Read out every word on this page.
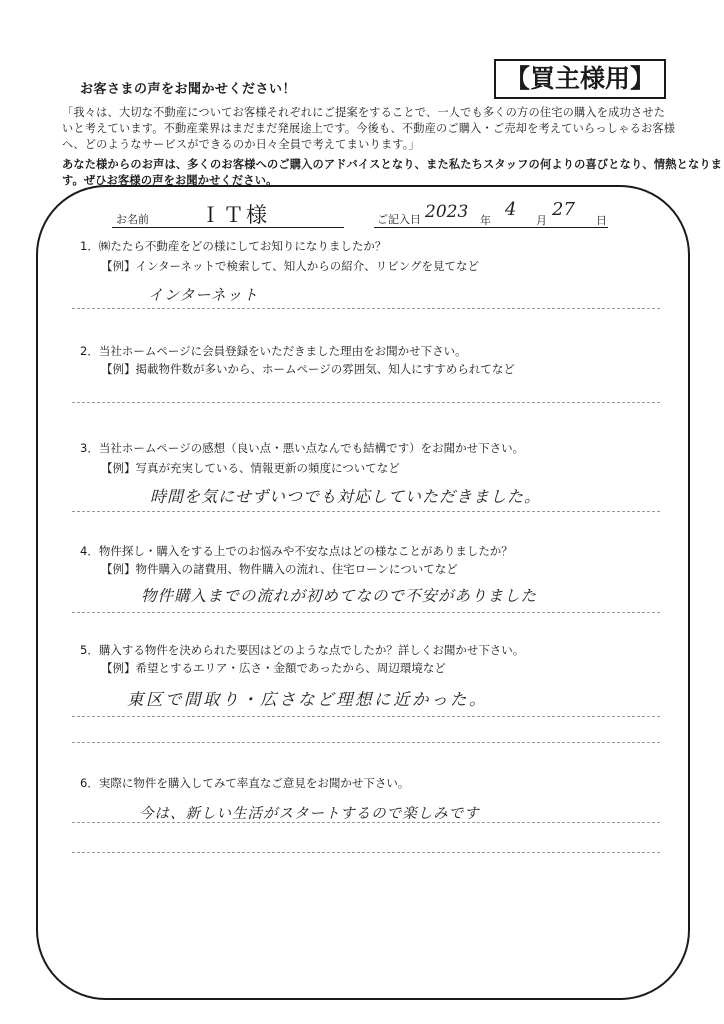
お客さまの声をお聞かせください！	【買主様用】
「我々は、大切な不動産についてお客様それぞれにご提案をすることで、一人でも多くの方の住宅の購入を成功させた
いと考えています。不動産業界はまだまだ発展途上です。今後も、不動産のご購入・ご売却を考えていらっしゃるお客様
へ、どのようなサービスができるのか日々全員で考えてまいります。」
あなた様からのお声は、多くのお客様へのご購入のアドバイスとなり、また私たちスタッフの何よりの喜びとなり、情熱となりま
す。ぜひお客様の声をお聞かせください。
お名前 ＩＴ様	ご記入日 2023 年
4
月
27
日
1．㈱たたら不動産をどの様にしてお知りになりましたか？
【例】インターネットで検索して、知人からの紹介、リビングを見てなど
インターネット
2．当社ホームページに会員登録をいただきました理由をお聞かせ下さい。
【例】掲載物件数が多いから、ホームページの雰囲気、知人にすすめられてなど
3．当社ホームページの感想（良い点・悪い点なんでも結構です）をお聞かせ下さい。
【例】写真が充実している、情報更新の頻度についてなど
時間を気にせずいつでも対応していただきました。
4．物件探し・購入をする上でのお悩みや不安な点はどの様なことがありましたか？
【例】物件購入の諸費用、物件購入の流れ、住宅ローンについてなど
物件購入までの流れが初めてなので不安がありました
5．購入する物件を決められた要因はどのような点でしたか？詳しくお聞かせ下さい。
【例】希望とするエリア・広さ・金額であったから、周辺環境など
東区で間取り・広さなど理想に近かった。
6．実際に物件を購入してみて率直なご意見をお聞かせ下さい。
今は、新しい生活がスタートするので楽しみです
